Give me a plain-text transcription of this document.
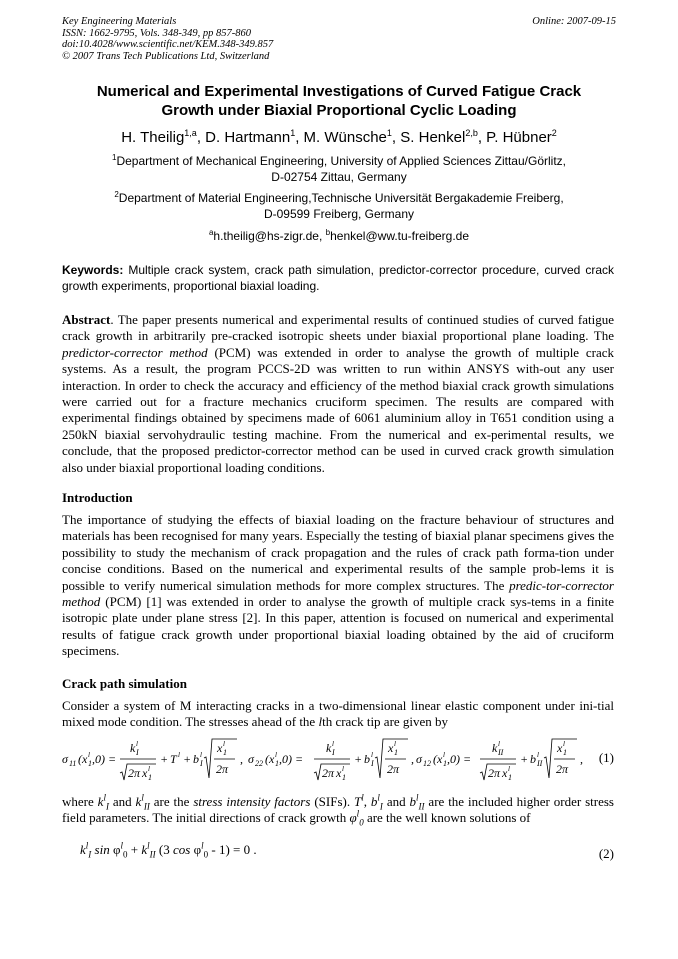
Key Engineering Materials
ISSN: 1662-9795, Vols. 348-349, pp 857-860
doi:10.4028/www.scientific.net/KEM.348-349.857
© 2007 Trans Tech Publications Ltd, Switzerland
Online: 2007-09-15
Numerical and Experimental Investigations of Curved Fatigue Crack
Growth under Biaxial Proportional Cyclic Loading
H. Theilig$^{1,a}$, D. Hartmann$^1$, M. Wünsche$^1$, S. Henkel$^{2,b}$, P. Hübner$^2$
$^1$Department of Mechanical Engineering, University of Applied Sciences Zittau/Görlitz,
D-02754 Zittau, Germany
$^2$Department of Material Engineering,Technische Universität Bergakademie Freiberg,
D-09599 Freiberg, Germany
$^a$h.theilig@hs-zigr.de, $^b$henkel@ww.tu-freiberg.de
Keywords: Multiple crack system, crack path simulation, predictor-corrector procedure, curved crack growth experiments, proportional biaxial loading.
Abstract. The paper presents numerical and experimental results of continued studies of curved fatigue crack growth in arbitrarily pre-cracked isotropic sheets under biaxial proportional plane loading. The predictor-corrector method (PCM) was extended in order to analyse the growth of multiple crack systems. As a result, the program PCCS-2D was written to run within ANSYS with-out any user interaction. In order to check the accuracy and efficiency of the method biaxial crack growth simulations were carried out for a fracture mechanics cruciform specimen. The results are compared with experimental findings obtained by specimens made of 6061 aluminium alloy in T651 condition using a 250kN biaxial servohydraulic testing machine. From the numerical and ex-perimental results, we conclude, that the proposed predictor-corrector method can be used in curved crack growth simulation also under biaxial proportional loading conditions.
Introduction
The importance of studying the effects of biaxial loading on the fracture behaviour of structures and materials has been recognised for many years. Especially the testing of biaxial planar specimens gives the possibility to study the mechanism of crack propagation and the rules of crack path forma-tion under concise conditions. Based on the numerical and experimental results of the sample prob-lems it is possible to verify numerical simulation methods for more complex structures. The predic-tor-corrector method (PCM) [1] was extended in order to analyse the growth of multiple crack sys-tems in a finite isotropic plate under plane stress [2]. In this paper, attention is focused on numerical and experimental results of fatigue crack growth under proportional biaxial loading obtained by the aid of cruciform specimens.
Crack path simulation
Consider a system of M interacting cracks in a two-dimensional linear elastic component under ini-tial mixed mode condition. The stresses ahead of the lth crack tip are given by
σ 11 ( x 1
l ,0) =
k I
l
2π x 1
l
+ T l + b I
l x 1
l
2π
, σ 22 ( x 1
l ,0) =
k I
l
2π x 1
l
+ b I
l x 1
l
2π
, σ 12 ( x 1
l ,0) =
k II
l
2π x 1
l
+ b II
l x 1
l
2π
, (1)
where $k^l_I$ and $k^l_{II}$ are the stress intensity factors (SIFs). $T^l$, $b^l_I$ and $b^l_{II}$ are the included higher order stress field parameters. The initial directions of crack growth $\varphi^l_0$ are the well known solutions of
$k^l_I$ $\sin \varphi^l_0 + k^l_{II}$ (3 $\cos \varphi^l_0 - 1) = 0$ .	(2)
